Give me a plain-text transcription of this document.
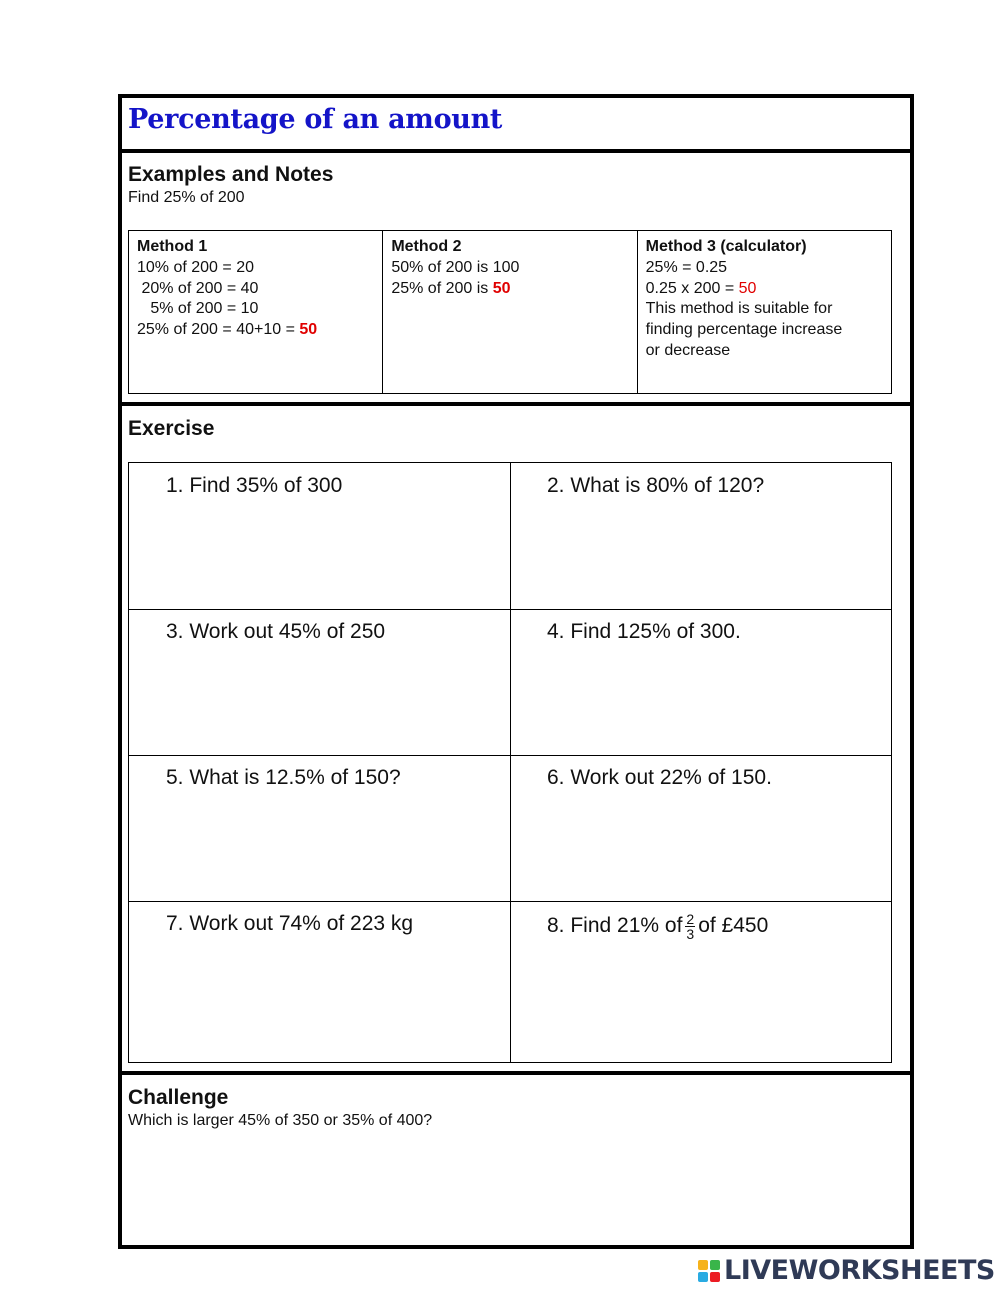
Percentage of an amount
Examples and Notes
Find 25% of 200
Method 1
10% of 200 = 20
20% of 200 = 40
5% of 200 = 10
25% of 200 = 40+10 = 50
Method 2
50% of 200 is 100
25% of 200 is 50
Method 3 (calculator)
25% = 0.25
0.25 x 200 = 50
This method is suitable for
finding percentage increase
or decrease
Exercise
1. Find 35% of 300	2. What is 80% of 120?
3. Work out 45% of 250	4. Find 125% of 300.
5. What is 12.5% of 150?	6. Work out 22% of 150.
7. Work out 74% of 223 kg	8. Find 21% of $\frac{2}{3}$ of £450
Challenge
Which is larger 45% of 350 or 35% of 400?
LIVEWORKSHEETS
